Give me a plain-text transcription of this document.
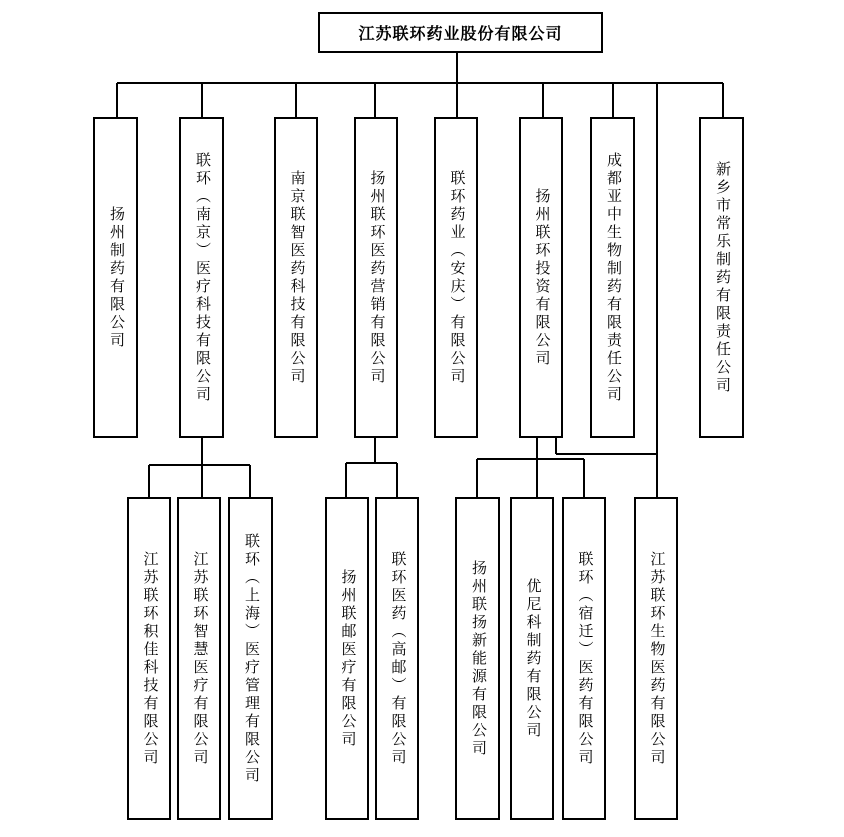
江苏联环药业股份有限公司
扬州制药有限公司	联环（南京）医疗科技有限公司	南京联智医药科技有限公司	扬州联环医药营销有限公司	联环药业（安庆）有限公司	扬州联环投资有限公司	成都亚中生物制药有限责任公司	新乡市常乐制药有限责任公司
江苏联环积佳科技有限公司 江苏联环智慧医疗有限公司 联环（上海）医疗管理有限公司	扬州联邮医疗有限公司 联环医药（高邮）有限公司	扬州联扬新能源有限公司	优尼科制药有限公司 联环（宿迁）医药有限公司	江苏联环生物医药有限公司
